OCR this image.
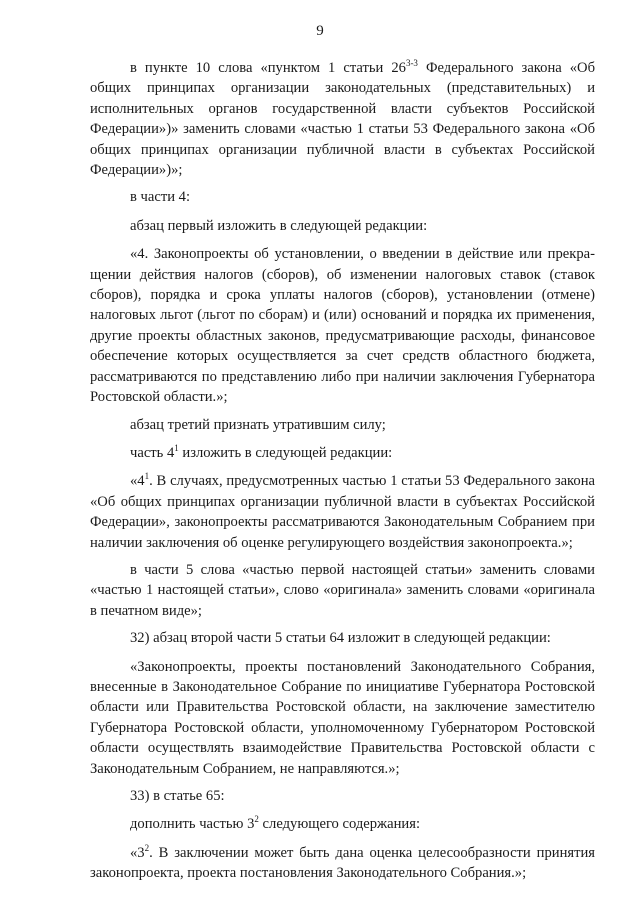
9

в пункте 10 слова «пунктом 1 статьи 26$^{3-3}$ Федерального закона «Об общих принципах организации законодательных (представительных) и исполнительных органов государственной власти субъектов Российской Федерации»)» заменить словами «частью 1 статьи 53 Федерального закона «Об общих принципах организации публичной власти в субъектах Российской Федерации»)»;

в части 4:

абзац первый изложить в следующей редакции:

«4. Законопроекты об установлении, о введении в действие или прекращении действия налогов (сборов), об изменении налоговых ставок (ставок сборов), порядка и срока уплаты налогов (сборов), установлении (отмене) налоговых льгот (льгот по сборам) и (или) оснований и порядка их применения, другие проекты областных законов, предусматривающие расходы, финансовое обеспечение которых осуществляется за счет средств областного бюджета, рассматриваются по представлению либо при наличии заключения Губернатора Ростовской области.»;

абзац третий признать утратившим силу;

часть $4^1$ изложить в следующей редакции:

«$4^1$. В случаях, предусмотренных частью 1 статьи 53 Федерального закона «Об общих принципах организации публичной власти в субъектах Российской Федерации», законопроекты рассматриваются Законодательным Собранием при наличии заключения об оценке регулирующего воздействия законопроекта.»;

в части 5 слова «частью первой настоящей статьи» заменить словами «частью 1 настоящей статьи», слово «оригинала» заменить словами «оригинала в печатном виде»;

32) абзац второй части 5 статьи 64 изложит в следующей редакции:

«Законопроекты, проекты постановлений Законодательного Собрания, внесенные в Законодательное Собрание по инициативе Губернатора Ростовской области или Правительства Ростовской области, на заключение заместителю Губернатора Ростовской области, уполномоченному Губернатором Ростовской области осуществлять взаимодействие Правительства Ростовской области с Законодательным Собранием, не направляются.»;

33) в статье 65:

дополнить частью $3^2$ следующего содержания:

«$3^2$. В заключении может быть дана оценка целесообразности принятия законопроекта, проекта постановления Законодательного Собрания.»;
